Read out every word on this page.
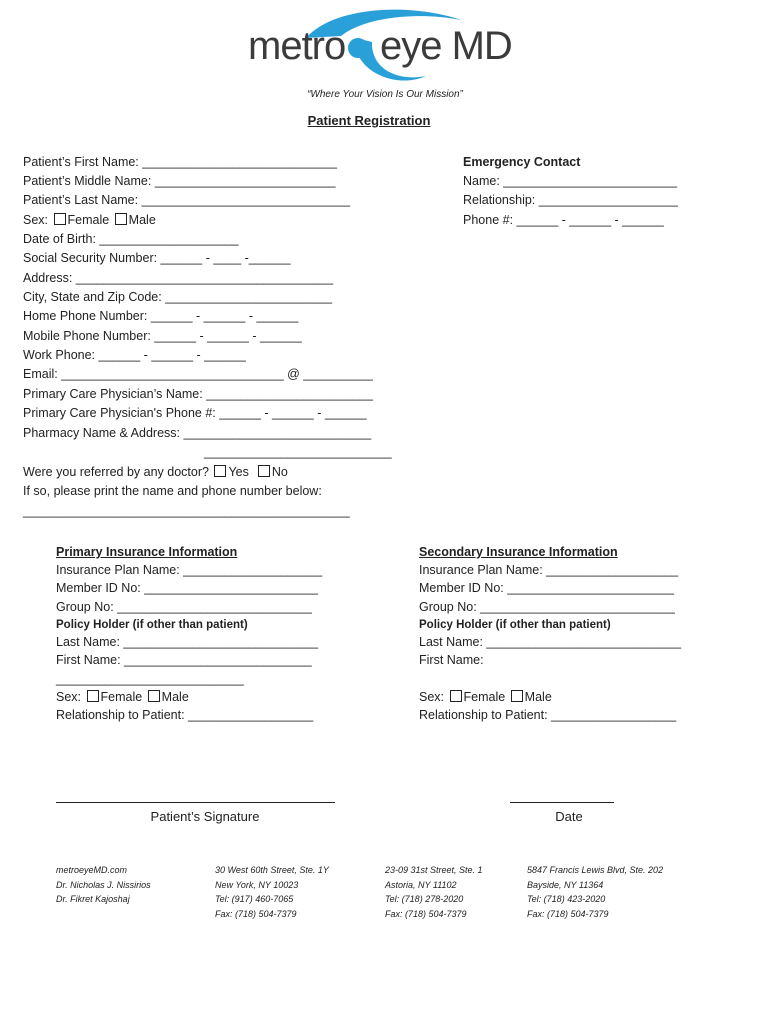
metro eye MD
“Where Your Vision Is Our Mission”
Patient Registration
Patient’s First Name: ____________________________
Patient’s Middle Name: __________________________
Patient’s Last Name: ______________________________
Sex: Female Male
Date of Birth: ____________________
Social Security Number: ______ - ____ -______
Address: _____________________________________
City, State and Zip Code: ________________________
Home Phone Number: ______ - ______ - ______
Mobile Phone Number: ______ - ______ - ______
Work Phone: ______ - ______ - ______
Email: ________________________________ @ __________
Primary Care Physician’s Name: ________________________
Primary Care Physician's Phone #: ______ - ______ - ______
Pharmacy Name & Address: ___________________________
___________________________
Were you referred by any doctor? Yes No
If so, please print the name and phone number below:
_______________________________________________
Emergency Contact
Name: _________________________
Relationship: ____________________
Phone #: ______ - ______ - ______
Primary Insurance Information
Insurance Plan Name: ____________________
Member ID No: _________________________
Group No: ____________________________
Policy Holder (if other than patient)
Last Name: ____________________________
First Name: ___________________________
___________________________
Sex: Female Male
Relationship to Patient: __________________
Secondary Insurance Information
Insurance Plan Name: ___________________
Member ID No: ________________________
Group No: ____________________________
Policy Holder (if other than patient)
Last Name: ____________________________
First Name:
Sex: Female Male
Relationship to Patient: __________________
Patient’s Signature	Date
metroeyeMD.com
Dr. Nicholas J. Nissirios
Dr. Fikret Kajoshaj
30 West 60th Street, Ste. 1Y
New York, NY 10023
Tel: (917) 460-7065
Fax: (718) 504-7379
23-09 31st Street, Ste. 1
Astoria, NY 11102
Tel: (718) 278-2020
Fax: (718) 504-7379
5847 Francis Lewis Blvd, Ste. 202
Bayside, NY 11364
Tel: (718) 423-2020
Fax: (718) 504-7379
